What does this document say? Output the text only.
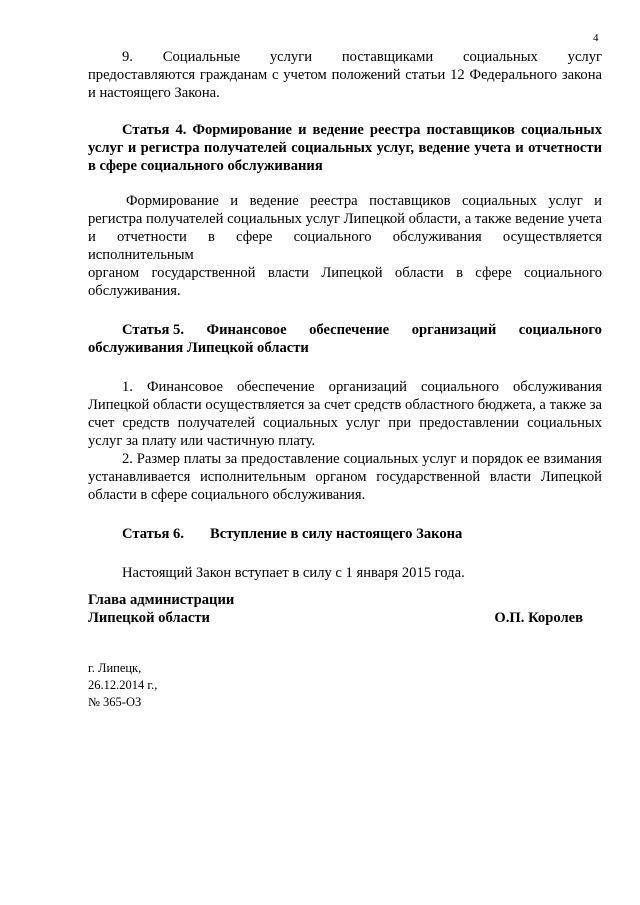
4
9. Социальные услуги поставщиками социальных услуг

предоставляются гражданам с учетом положений статьи 12 Федерального закона и настоящего Закона.

Статья 4. Формирование и ведение реестра поставщиков социальных услуг и регистра получателей социальных услуг, ведение учета и отчетности в сфере социального обслуживания

Формирование и ведение реестра поставщиков социальных услуг и регистра получателей социальных услуг Липецкой области, а также ведение учета и отчетности в сфере социального обслуживания осуществляется исполнительным

органом государственной власти Липецкой области в сфере социального обслуживания.

Статья 5. Финансовое обеспечение организаций социального

обслуживания Липецкой области

1. Финансовое обеспечение организаций социального обслуживания Липецкой области осуществляется за счет средств областного бюджета, а также за счет средств получателей социальных услуг при предоставлении социальных услуг за плату или частичную плату.

2. Размер платы за предоставление социальных услуг и порядок ее взимания устанавливается исполнительным органом государственной власти Липецкой области в сфере социального обслуживания.

Статья 6.	Вступление в силу настоящего Закона

Настоящий Закон вступает в силу с 1 января 2015 года.

Глава администрации
Липецкой области	О.П. Королев
г. Липецк,
26.12.2014 г.,
№ 365-ОЗ
